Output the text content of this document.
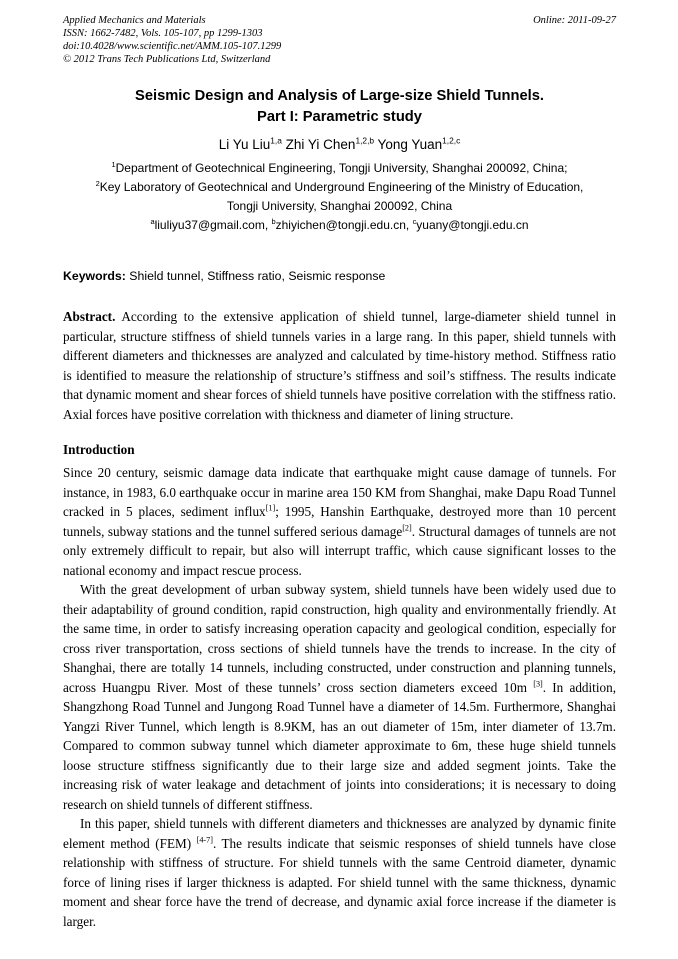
Applied Mechanics and Materials
ISSN: 1662-7482, Vols. 105-107, pp 1299-1303
doi:10.4028/www.scientific.net/AMM.105-107.1299
© 2012 Trans Tech Publications Ltd, Switzerland
Online: 2011-09-27
Seismic Design and Analysis of Large-size Shield Tunnels.
Part I: Parametric study
Li Yu Liu$^{1,a}$ Zhi Yi Chen$^{1,2,b}$ Yong Yuan$^{1,2,c}$
$^1$Department of Geotechnical Engineering, Tongji University, Shanghai 200092, China;
$^2$Key Laboratory of Geotechnical and Underground Engineering of the Ministry of Education,
Tongji University, Shanghai 200092, China
$^a$liuliyu37@gmail.com, $^b$zhiyichen@tongji.edu.cn, $^c$yuany@tongji.edu.cn
Keywords: Shield tunnel, Stiffness ratio, Seismic response

Abstract. According to the extensive application of shield tunnel, large-diameter shield tunnel in particular, structure stiffness of shield tunnels varies in a large rang. In this paper, shield tunnels with different diameters and thicknesses are analyzed and calculated by time-history method. Stiffness ratio is identified to measure the relationship of structure’s stiffness and soil’s stiffness. The results indicate that dynamic moment and shear forces of shield tunnels have positive correlation with the stiffness ratio. Axial forces have positive correlation with thickness and diameter of lining structure.

Introduction

Since 20 century, seismic damage data indicate that earthquake might cause damage of tunnels. For instance, in 1983, 6.0 earthquake occur in marine area 150 KM from Shanghai, make Dapu Road Tunnel cracked in 5 places, sediment influx[1]; 1995, Hanshin Earthquake, destroyed more than 10 percent tunnels, subway stations and the tunnel suffered serious damage[2]. Structural damages of tunnels are not only extremely difficult to repair, but also will interrupt traffic, which cause significant losses to the national economy and impact rescue process.

With the great development of urban subway system, shield tunnels have been widely used due to their adaptability of ground condition, rapid construction, high quality and environmentally friendly. At the same time, in order to satisfy increasing operation capacity and geological condition, especially for cross river transportation, cross sections of shield tunnels have the trends to increase. In the city of Shanghai, there are totally 14 tunnels, including constructed, under construction and planning tunnels, across Huangpu River. Most of these tunnels’ cross section diameters exceed 10m [3]. In addition, Shangzhong Road Tunnel and Jungong Road Tunnel have a diameter of 14.5m. Furthermore, Shanghai Yangzi River Tunnel, which length is 8.9KM, has an out diameter of 15m, inter diameter of 13.7m. Compared to common subway tunnel which diameter approximate to 6m, these huge shield tunnels loose structure stiffness significantly due to their large size and added segment joints. Take the increasing risk of water leakage and detachment of joints into considerations; it is necessary to doing research on shield tunnels of different stiffness.

In this paper, shield tunnels with different diameters and thicknesses are analyzed by dynamic finite element method (FEM) [4-7]. The results indicate that seismic responses of shield tunnels have close relationship with stiffness of structure. For shield tunnels with the same Centroid diameter, dynamic force of lining rises if larger thickness is adapted. For shield tunnel with the same thickness, dynamic moment and shear force have the trend of decrease, and dynamic axial force increase if the diameter is larger.
